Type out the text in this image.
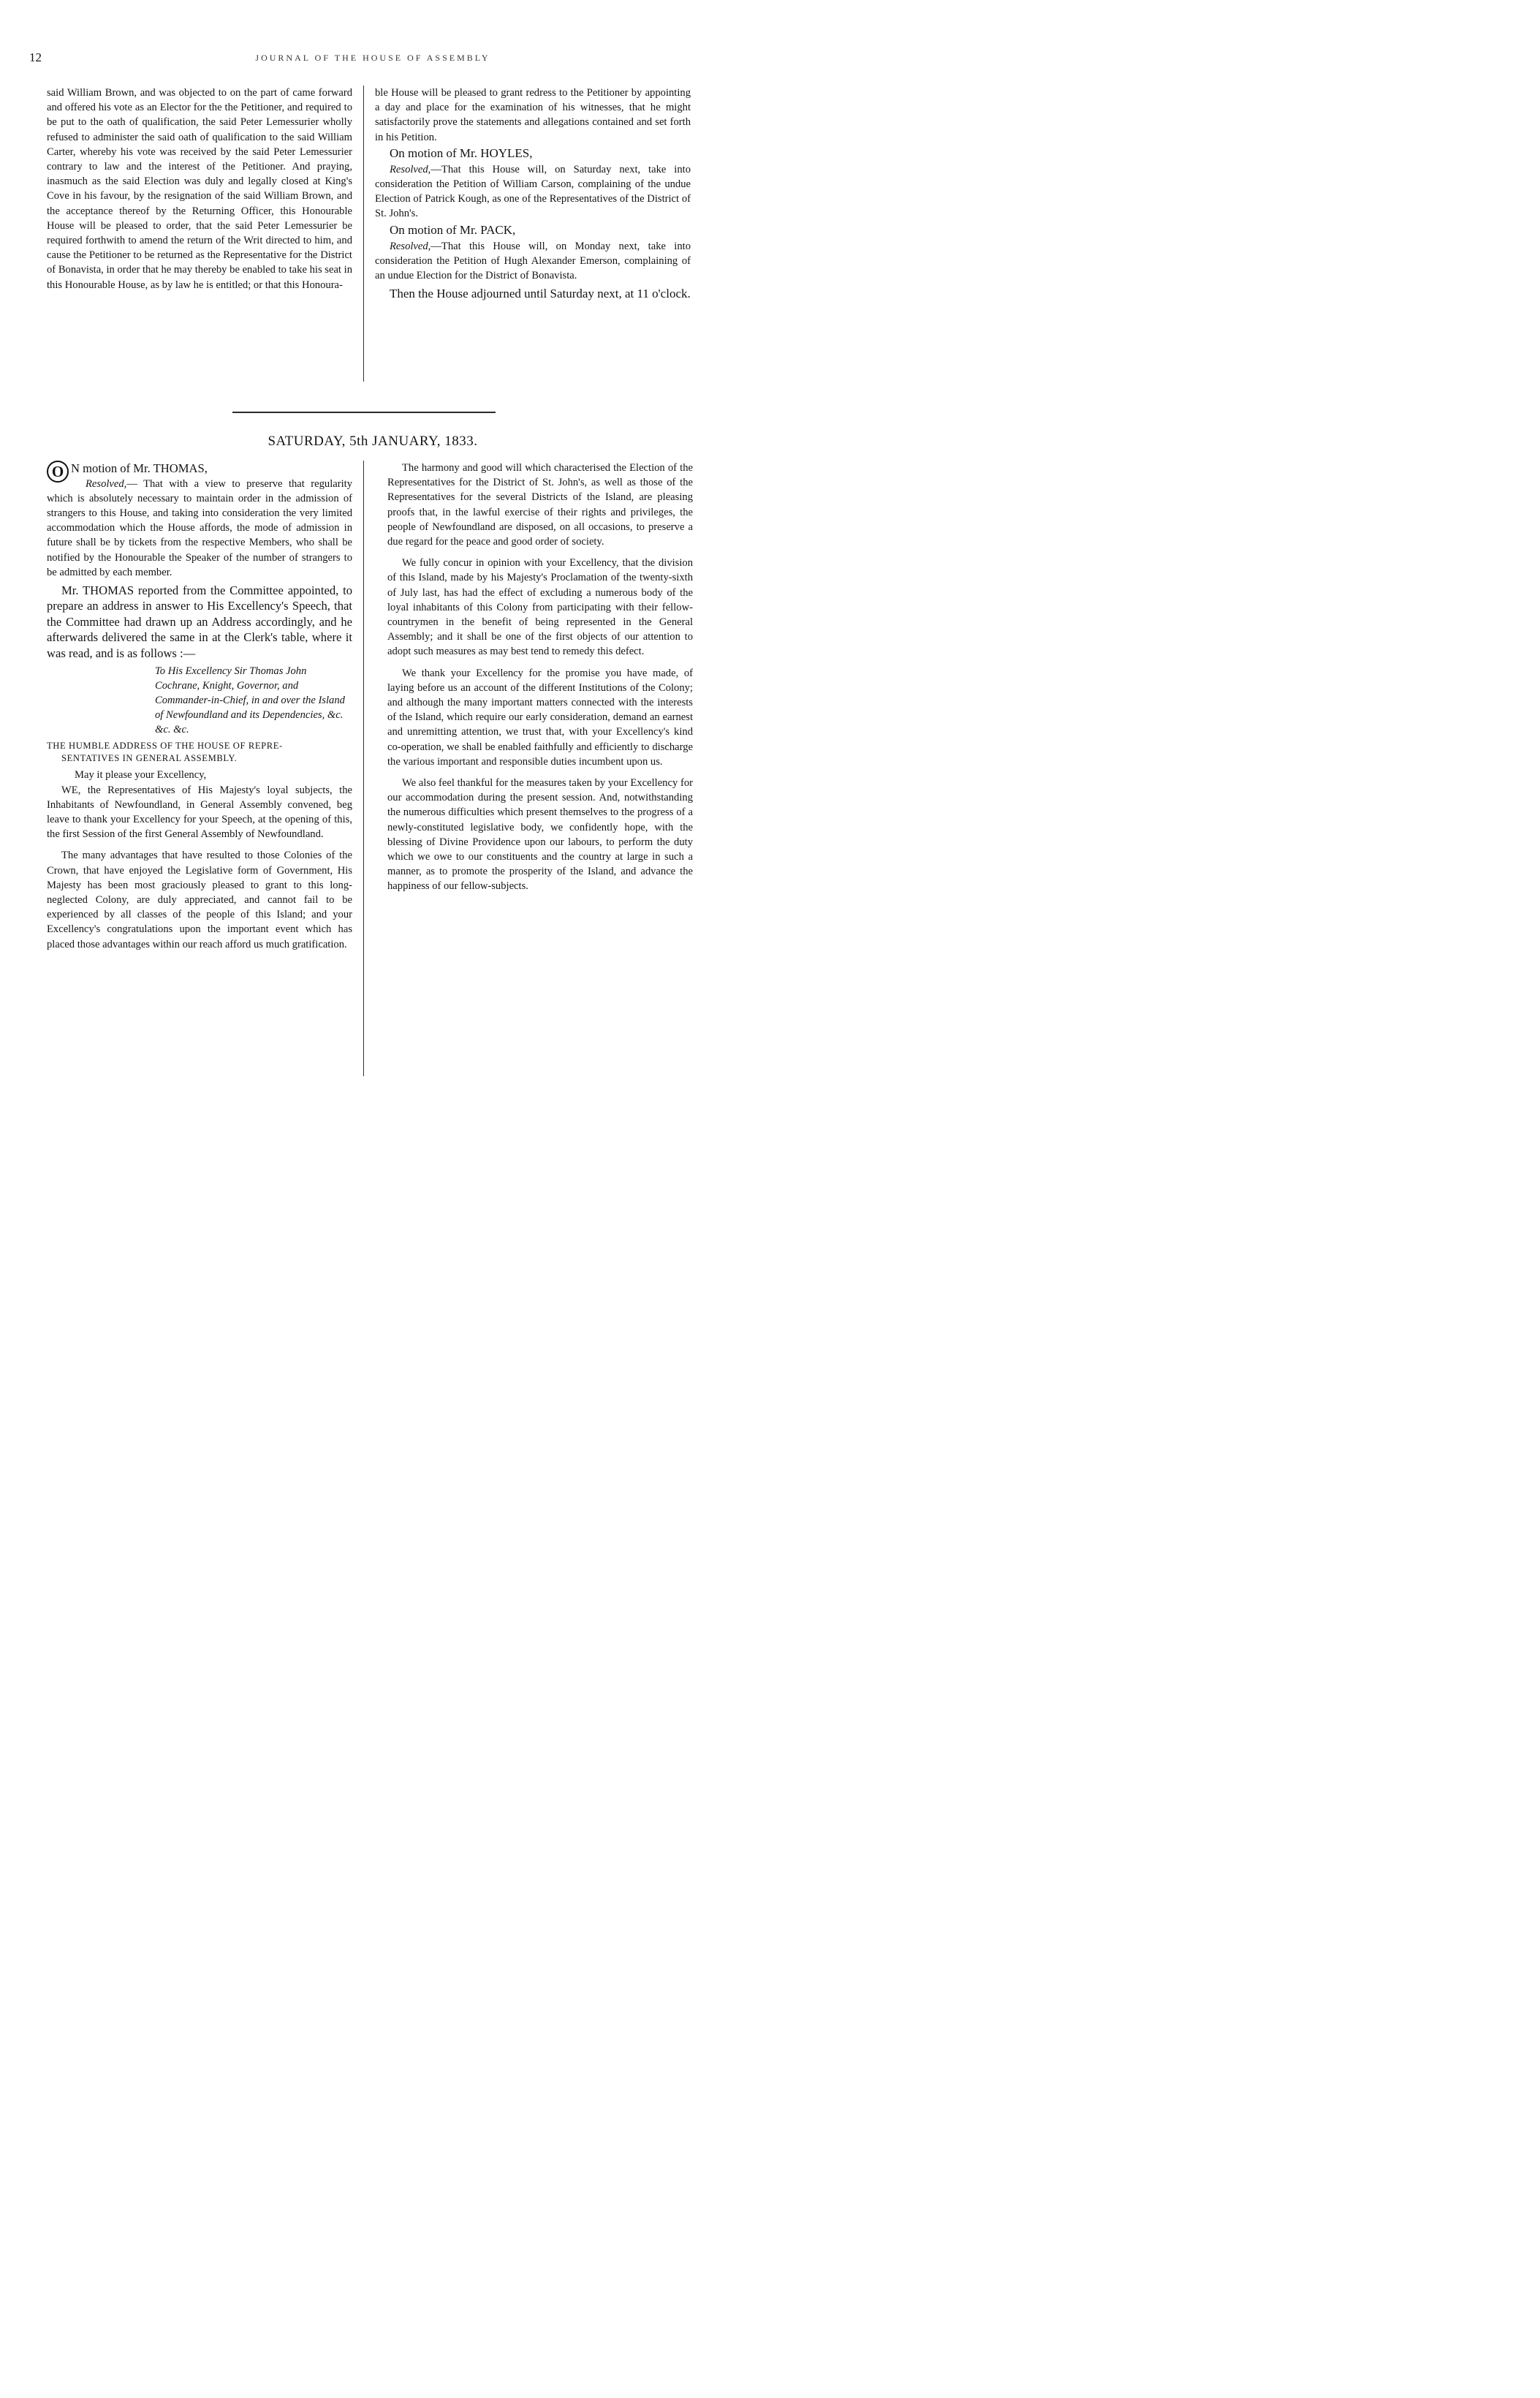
12	JOURNAL OF THE HOUSE OF ASSEMBLY

said William Brown, and was objected to on the part of came forward and offered his vote as an Elector for the the Petitioner, and required to be put to the oath of qualification, the said Peter Lemessurier wholly refused to administer the said oath of qualification to the said William Carter, whereby his vote was received by the said Peter Lemessurier contrary to law and the interest of the Petitioner. And praying, inasmuch as the said Election was duly and legally closed at King's Cove in his favour, by the resignation of the said William Brown, and the acceptance thereof by the Returning Officer, this Honourable House will be pleased to order, that the said Peter Lemessurier be required forthwith to amend the return of the Writ directed to him, and cause the Petitioner to be returned as the Representative for the District of Bonavista, in order that he may thereby be enabled to take his seat in this Honourable House, as by law he is entitled; or that this Honoura-

ble House will be pleased to grant redress to the Petitioner by appointing a day and place for the examination of his witnesses, that he might satisfactorily prove the statements and allegations contained and set forth in his Petition.

On motion of Mr. HOYLES,

Resolved,—That this House will, on Saturday next, take into consideration the Petition of William Carson, complaining of the undue Election of Patrick Kough, as one of the Representatives of the District of St. John's.

On motion of Mr. PACK,

Resolved,—That this House will, on Monday next, take into consideration the Petition of Hugh Alexander Emerson, complaining of an undue Election for the District of Bonavista.

Then the House adjourned until Saturday next, at 11 o'clock.

SATURDAY, 5th JANUARY, 1833.

O N motion of Mr. THOMAS,

Resolved,— That with a view to preserve that regularity which is absolutely necessary to maintain order in the admission of strangers to this House, and taking into consideration the very limited accommodation which the House affords, the mode of admission in future shall be by tickets from the respective Members, who shall be notified by the Honourable the Speaker of the number of strangers to be admitted by each member.

Mr. THOMAS reported from the Committee appointed, to prepare an address in answer to His Excellency's Speech, that the Committee had drawn up an Address accordingly, and he afterwards delivered the same in at the Clerk's table, where it was read, and is as follows :—

To His Excellency Sir Thomas John Cochrane, Knight, Governor, and Commander-in-Chief, in and over the Island of Newfoundland and its Dependencies, &c. &c. &c.

THE HUMBLE ADDRESS OF THE HOUSE OF REPRE-
SENTATIVES IN GENERAL ASSEMBLY.

May it please your Excellency,

WE, the Representatives of His Majesty's loyal subjects, the Inhabitants of Newfoundland, in General Assembly convened, beg leave to thank your Excellency for your Speech, at the opening of this, the first Session of the first General Assembly of Newfoundland.

The many advantages that have resulted to those Colonies of the Crown, that have enjoyed the Legislative form of Government, His Majesty has been most graciously pleased to grant to this long-neglected Colony, are duly appreciated, and cannot fail to be experienced by all classes of the people of this Island; and your Excellency's congratulations upon the important event which has placed those advantages within our reach afford us much gratification.

The harmony and good will which characterised the Election of the Representatives for the District of St. John's, as well as those of the Representatives for the several Districts of the Island, are pleasing proofs that, in the lawful exercise of their rights and privileges, the people of Newfoundland are disposed, on all occasions, to preserve a due regard for the peace and good order of society.

We fully concur in opinion with your Excellency, that the division of this Island, made by his Majesty's Proclamation of the twenty-sixth of July last, has had the effect of excluding a numerous body of the loyal inhabitants of this Colony from participating with their fellow-countrymen in the benefit of being represented in the General Assembly; and it shall be one of the first objects of our attention to adopt such measures as may best tend to remedy this defect.

We thank your Excellency for the promise you have made, of laying before us an account of the different Institutions of the Colony; and although the many important matters connected with the interests of the Island, which require our early consideration, demand an earnest and unremitting attention, we trust that, with your Excellency's kind co-operation, we shall be enabled faithfully and efficiently to discharge the various important and responsible duties incumbent upon us.

We also feel thankful for the measures taken by your Excellency for our accommodation during the present session. And, notwithstanding the numerous difficulties which present themselves to the progress of a newly-constituted legislative body, we confidently hope, with the blessing of Divine Providence upon our labours, to perform the duty which we owe to our constituents and the country at large in such a manner, as to promote the prosperity of the Island, and advance the happiness of our fellow-subjects.
